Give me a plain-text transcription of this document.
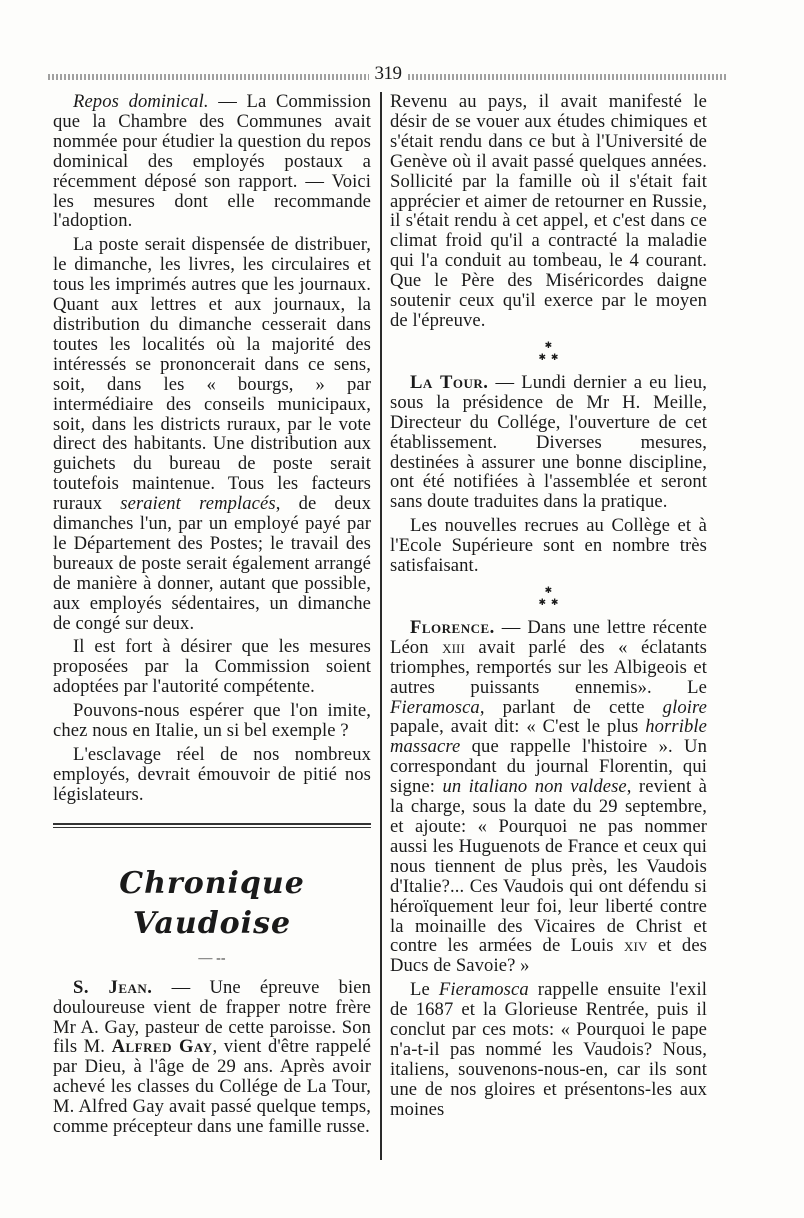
319

Repos dominical. — La Commission que la Chambre des Communes avait nommée pour étudier la question du repos dominical des employés postaux a récemment déposé son rapport. — Voici les mesures dont elle recommande l'adoption.

La poste serait dispensée de distribuer, le dimanche, les livres, les circulaires et tous les imprimés autres que les journaux. Quant aux lettres et aux journaux, la distribution du dimanche cesserait dans toutes les localités où la majorité des intéressés se prononcerait dans ce sens, soit, dans les « bourgs, » par intermédiaire des conseils municipaux, soit, dans les districts ruraux, par le vote direct des habitants. Une distribution aux guichets du bureau de poste serait toutefois maintenue. Tous les facteurs ruraux seraient remplacés, de deux dimanches l'un, par un employé payé par le Département des Postes; le travail des bureaux de poste serait également arrangé de manière à donner, autant que possible, aux employés sédentaires, un dimanche de congé sur deux.

Il est fort à désirer que les mesures proposées par la Commission soient adoptées par l'autorité compétente.

Pouvons-nous espérer que l'on imite, chez nous en Italie, un si bel exemple ?

L'esclavage réel de nos nombreux employés, devrait émouvoir de pitié nos législateurs.

Chronique Vaudoise
— --

S. Jean. — Une épreuve bien douloureuse vient de frapper notre frère Mr A. Gay, pasteur de cette paroisse. Son fils M. Alfred Gay, vient d'être rappelé par Dieu, à l'âge de 29 ans. Après avoir achevé les classes du Collége de La Tour, M. Alfred Gay avait passé quelque temps, comme précepteur dans une famille russe.

Revenu au pays, il avait manifesté le désir de se vouer aux études chimiques et s'était rendu dans ce but à l'Université de Genève où il avait passé quelques années. Sollicité par la famille où il s'était fait apprécier et aimer de retourner en Russie, il s'était rendu à cet appel, et c'est dans ce climat froid qu'il a contracté la maladie qui l'a conduit au tombeau, le 4 courant. Que le Père des Miséricordes daigne soutenir ceux qu'il exerce par le moyen de l'épreuve.

✱
✱  ✱

La Tour. — Lundi dernier a eu lieu, sous la présidence de Mr H. Meille, Directeur du Collége, l'ouverture de cet établissement. Diverses mesures, destinées à assurer une bonne discipline, ont été notifiées à l'assemblée et seront sans doute traduites dans la pratique.

Les nouvelles recrues au Collège et à l'Ecole Supérieure sont en nombre très satisfaisant.

✱
✱  ✱

Florence. — Dans une lettre récente Léon xiii avait parlé des « éclatants triomphes, remportés sur les Albigeois et autres puissants ennemis». Le Fieramosca, parlant de cette gloire papale, avait dit: « C'est le plus horrible massacre que rappelle l'histoire ». Un correspondant du journal Florentin, qui signe: un italiano non valdese, revient à la charge, sous la date du 29 septembre, et ajoute: « Pourquoi ne pas nommer aussi les Huguenots de France et ceux qui nous tiennent de plus près, les Vaudois d'Italie?... Ces Vaudois qui ont défendu si héroïquement leur foi, leur liberté contre la moinaille des Vicaires de Christ et contre les armées de Louis xiv et des Ducs de Savoie? »

Le Fieramosca rappelle ensuite l'exil de 1687 et la Glorieuse Rentrée, puis il conclut par ces mots: « Pourquoi le pape n'a-t-il pas nommé les Vaudois? Nous, italiens, souvenons-nous-en, car ils sont une de nos gloires et présentons-les aux moines
